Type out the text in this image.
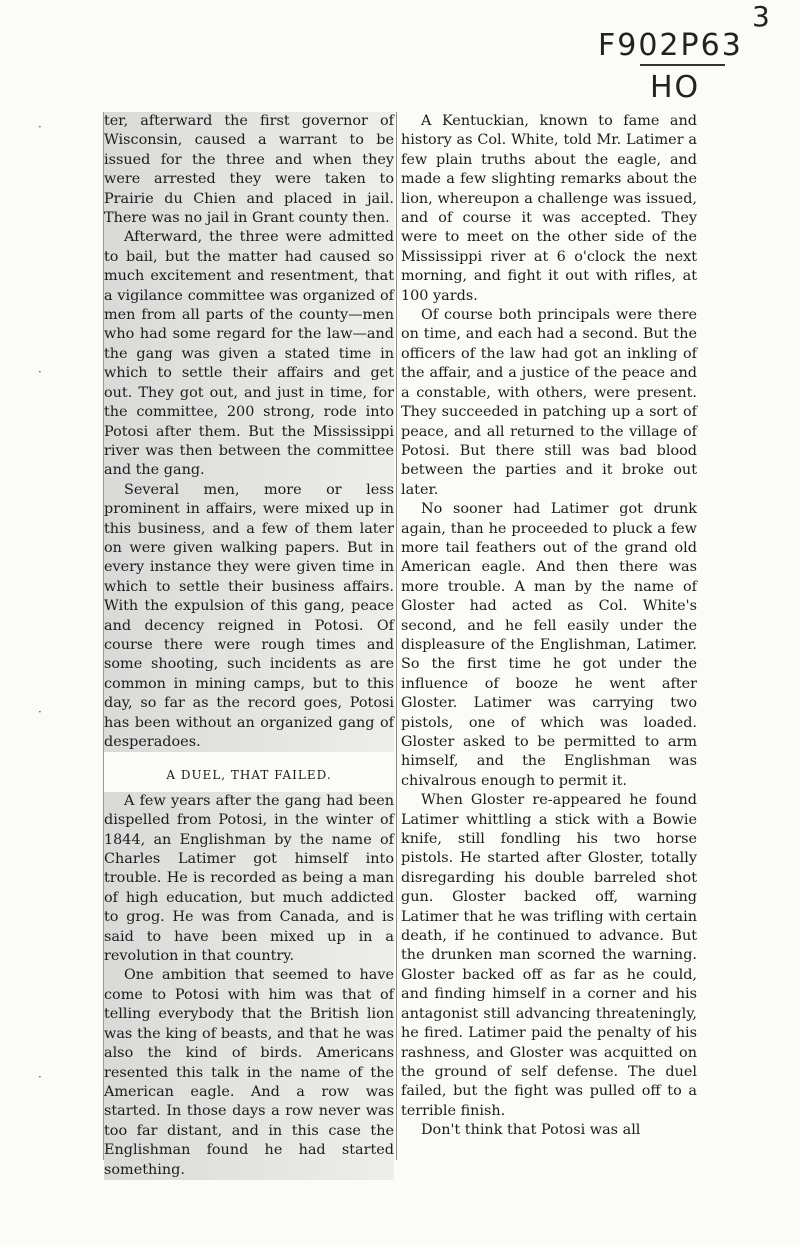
3
F902P63
HO
·
·
·
·

ter, afterward the first governor of Wisconsin, caused a warrant to be issued for the three and when they were arrested they were taken to Prairie du Chien and placed in jail. There was no jail in Grant county then.

Afterward, the three were admitted to bail, but the matter had caused so much excitement and resentment, that a vigilance committee was organized of men from all parts of the county—men who had some regard for the law—and the gang was given a stated time in which to settle their affairs and get out. They got out, and just in time, for the committee, 200 strong, rode into Potosi after them. But the Mississippi river was then between the committee and the gang.

Several men, more or less prominent in affairs, were mixed up in this business, and a few of them later on were given walking papers. But in every instance they were given time in which to settle their business affairs. With the expulsion of this gang, peace and decency reigned in Potosi. Of course there were rough times and some shooting, such incidents as are common in mining camps, but to this day, so far as the record goes, Potosi has been without an organized gang of desperadoes.

A DUEL, THAT FAILED.

A few years after the gang had been dispelled from Potosi, in the winter of 1844, an Englishman by the name of Charles Latimer got himself into trouble. He is recorded as being a man of high education, but much addicted to grog. He was from Canada, and is said to have been mixed up in a revolution in that country.

One ambition that seemed to have come to Potosi with him was that of telling everybody that the British lion was the king of beasts, and that he was also the kind of birds. Americans resented this talk in the name of the American eagle. And a row was started. In those days a row never was too far distant, and in this case the Englishman found he had started something.

A Kentuckian, known to fame and history as Col. White, told Mr. Latimer a few plain truths about the eagle, and made a few slighting remarks about the lion, whereupon a challenge was issued, and of course it was accepted. They were to meet on the other side of the Mississippi river at 6 o'clock the next morning, and fight it out with rifles, at 100 yards.

Of course both principals were there on time, and each had a second. But the officers of the law had got an inkling of the affair, and a justice of the peace and a constable, with others, were present. They succeeded in patching up a sort of peace, and all returned to the village of Potosi. But there still was bad blood between the parties and it broke out later.

No sooner had Latimer got drunk again, than he proceeded to pluck a few more tail feathers out of the grand old American eagle. And then there was more trouble. A man by the name of Gloster had acted as Col. White's second, and he fell easily under the displeasure of the Englishman, Latimer. So the first time he got under the influence of booze he went after Gloster. Latimer was carrying two pistols, one of which was loaded. Gloster asked to be permitted to arm himself, and the Englishman was chivalrous enough to permit it.

When Gloster re-appeared he found Latimer whittling a stick with a Bowie knife, still fondling his two horse pistols. He started after Gloster, totally disregarding his double barreled shot gun. Gloster backed off, warning Latimer that he was trifling with certain death, if he continued to advance. But the drunken man scorned the warning. Gloster backed off as far as he could, and finding himself in a corner and his antagonist still advancing threateningly, he fired. Latimer paid the penalty of his rashness, and Gloster was acquitted on the ground of self defense. The duel failed, but the fight was pulled off to a terrible finish.

Don't think that Potosi was all
